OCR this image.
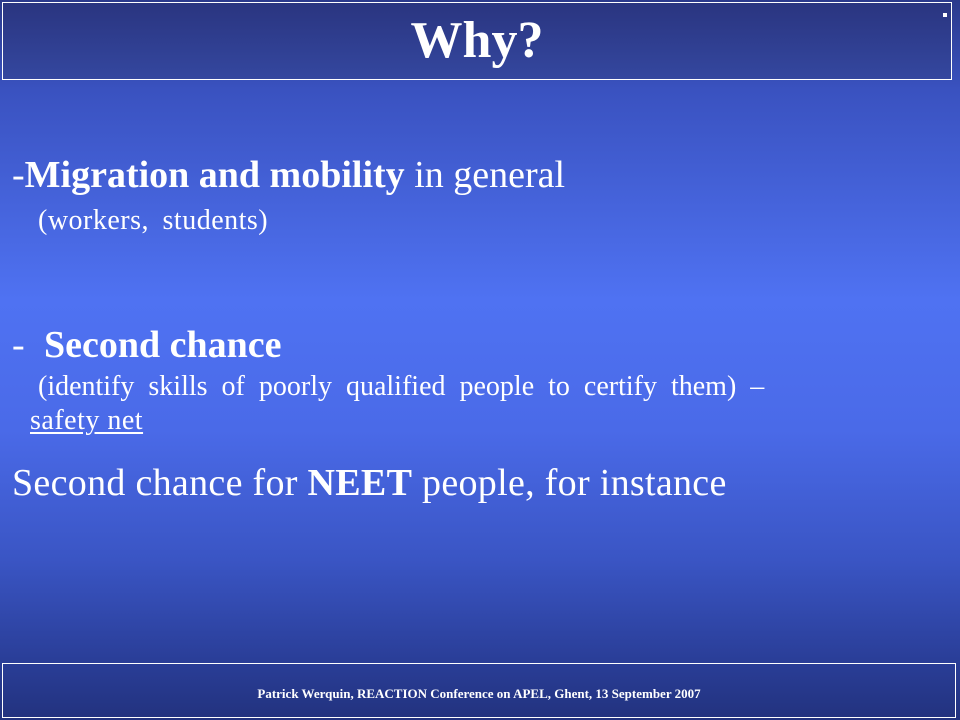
Why?
-Migration and mobility in general
(workers, students)
- Second chance
(identify skills of poorly qualified people to certify them) –
safety net
Second chance for NEET people, for instance
Patrick Werquin, REACTION Conference on APEL, Ghent, 13 September 2007
